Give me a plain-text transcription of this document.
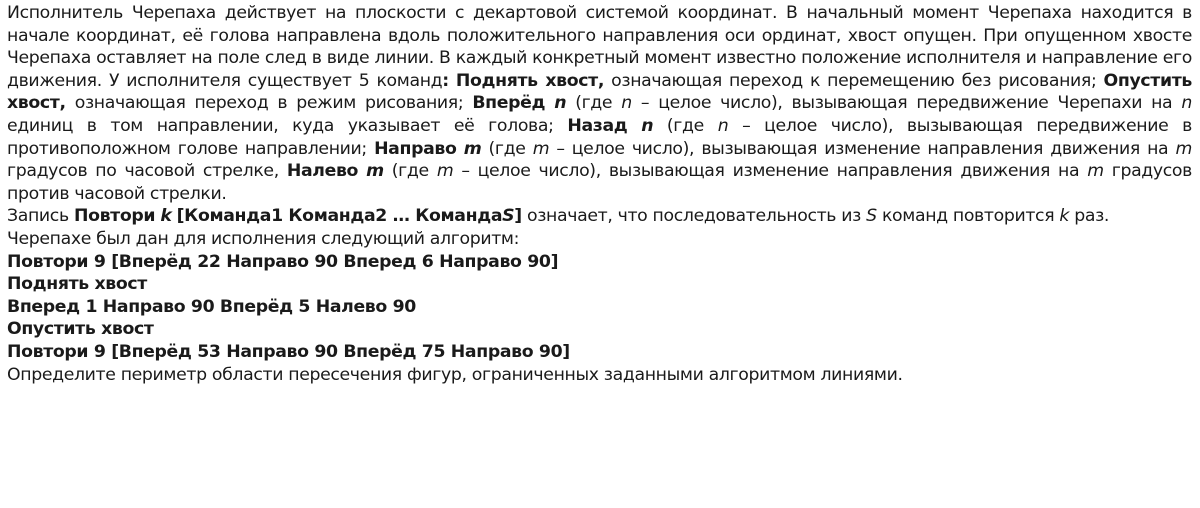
Исполнитель Черепаха действует на плоскости с декартовой системой координат. В начальный момент Черепаха находится в начале координат, её голова направлена вдоль положительного направления оси ординат, хвост опущен. При опущенном хвосте Черепаха оставляет на поле след в виде линии. В каждый конкретный момент известно положение исполнителя и направление его движения. У исполнителя существует 5 команд: Поднять хвост, означающая переход к перемещению без рисования; Опустить хвост, означающая переход в режим рисования; Вперёд n (где n – целое число), вызывающая передвижение Черепахи на n единиц в том направлении, куда указывает её голова; Назад n (где n – целое число), вызывающая передвижение в противоположном голове направлении; Направо m (где m – целое число), вызывающая изменение направления движения на m градусов по часовой стрелке, Налево m (где m – целое число), вызывающая изменение направления движения на m градусов против часовой стрелки.

Запись Повтори k [Команда1 Команда2 … КомандаS] означает, что последовательность из S команд повторится k раз.

Черепахе был дан для исполнения следующий алгоритм:

Повтори 9 [Вперёд 22 Направо 90 Вперед 6 Направо 90]

Поднять хвост

Вперед 1 Направо 90 Вперёд 5 Налево 90

Опустить хвост

Повтори 9 [Вперёд 53 Направо 90 Вперёд 75 Направо 90]

Определите периметр области пересечения фигур, ограниченных заданными алгоритмом линиями.
